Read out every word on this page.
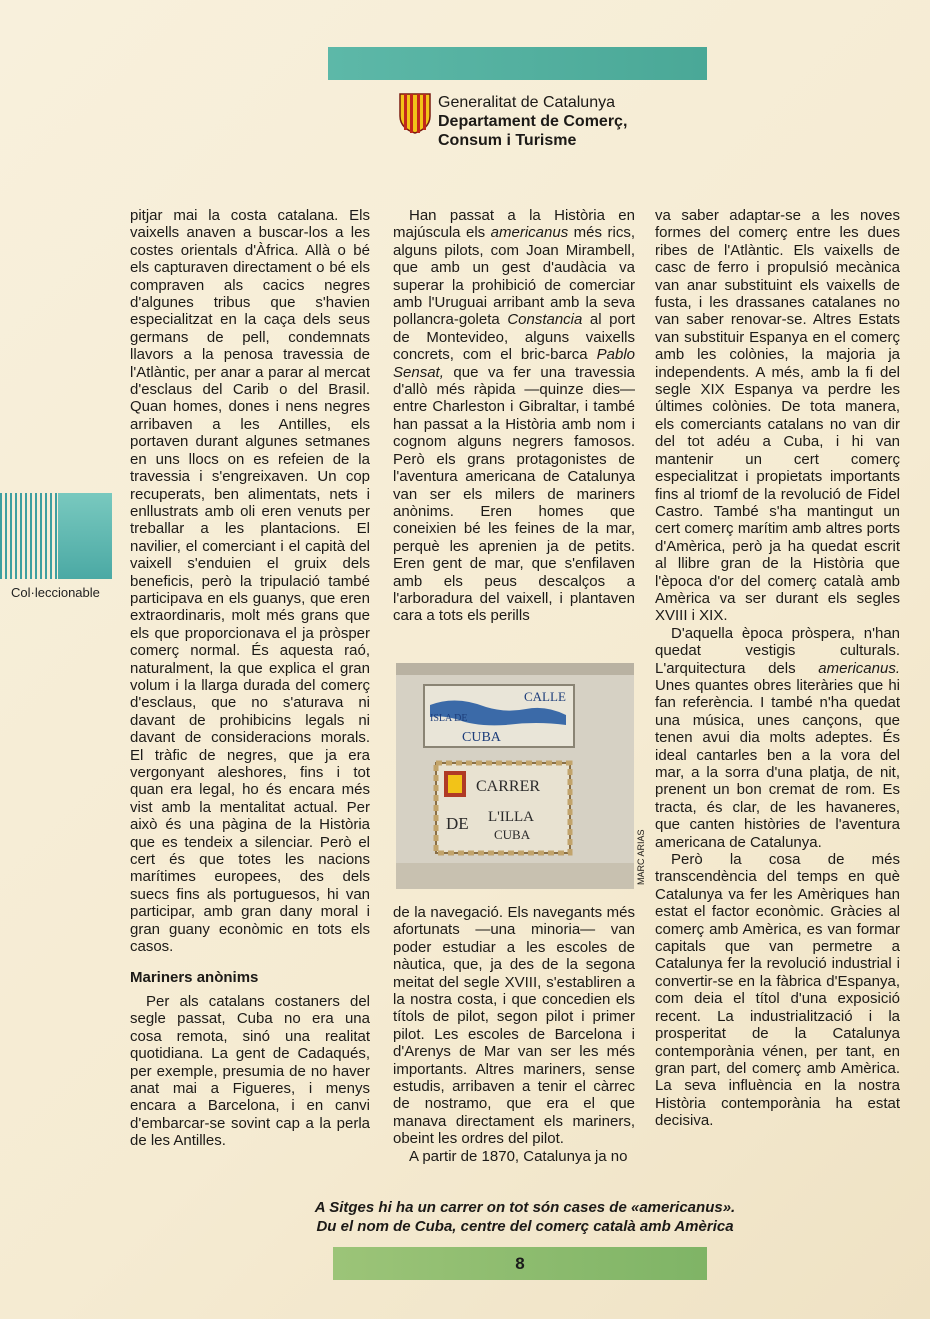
Generalitat de Catalunya
Departament de Comerç,
Consum i Turisme
Col·leccionable

pitjar mai la costa catalana. Els vaixells anaven a buscar-los a les costes orientals d'Àfrica. Allà o bé els capturaven directament o bé els compraven als cacics negres d'algunes tribus que s'havien especialitzat en la caça dels seus germans de pell, condemnats llavors a la penosa travessia de l'Atlàntic, per anar a parar al mercat d'esclaus del Carib o del Brasil. Quan homes, dones i nens negres arribaven a les Antilles, els portaven durant algunes setmanes en uns llocs on es refeien de la travessia i s'engreixaven. Un cop recuperats, ben alimentats, nets i enllustrats amb oli eren venuts per treballar a les plantacions. El navilier, el comerciant i el capità del vaixell s'enduien el gruix dels beneficis, però la tripulació també participava en els guanys, que eren extraordinaris, molt més grans que els que proporcionava el ja pròsper comerç normal. És aquesta raó, naturalment, la que explica el gran volum i la llarga durada del comerç d'esclaus, que no s'aturava ni davant de prohibicins legals ni davant de consideracions morals. El tràfic de negres, que ja era vergonyant aleshores, fins i tot quan era legal, ho és encara més vist amb la mentalitat actual. Per això és una pàgina de la Història que es tendeix a silenciar. Però el cert és que totes les nacions marítimes europees, des dels suecs fins als portuguesos, hi van participar, amb gran dany moral i gran guany econòmic en tots els casos.

Mariners anònims

Per als catalans costaners del segle passat, Cuba no era una cosa remota, sinó una realitat quotidiana. La gent de Cadaqués, per exemple, presumia de no haver anat mai a Figueres, i menys encara a Barcelona, i en canvi d'embarcar-se sovint cap a la perla de les Antilles.

Han passat a la Història en majúscula els americanus més rics, alguns pilots, com Joan Mirambell, que amb un gest d'audàcia va superar la prohibició de comerciar amb l'Uruguai arribant amb la seva pollancra-goleta Constancia al port de Montevideo, alguns vaixells concrets, com el bric-barca Pablo Sensat, que va fer una travessia d'allò més ràpida —quinze dies— entre Charleston i Gibraltar, i també han passat a la Història amb nom i cognom alguns negrers famosos. Però els grans protagonistes de l'aventura americana de Catalunya van ser els milers de mariners anònims. Eren homes que coneixien bé les feines de la mar, perquè les aprenien ja de petits. Eren gent de mar, que s'enfilaven amb els peus descalços a l'arboradura del vaixell, i plantaven cara a tots els perills

CALLE
ISLA DE
CUBA
CARRER
DE L'ILLA
CUBA	MARC ARIAS

de la navegació. Els navegants més afortunats —una minoria— van poder estudiar a les escoles de nàutica, que, ja des de la segona meitat del segle XVIII, s'establiren a la nostra costa, i que concedien els títols de pilot, segon pilot i primer pilot. Les escoles de Barcelona i d'Arenys de Mar van ser les més importants. Altres mariners, sense estudis, arribaven a tenir el càrrec de nostramo, que era el que manava directament els mariners, obeint les ordres del pilot.

A partir de 1870, Catalunya ja no

va saber adaptar-se a les noves formes del comerç entre les dues ribes de l'Atlàntic. Els vaixells de casc de ferro i propulsió mecànica van anar substituint els vaixells de fusta, i les drassanes catalanes no van saber renovar-se. Altres Estats van substituir Espanya en el comerç amb les colònies, la majoria ja independents. A més, amb la fi del segle XIX Espanya va perdre les últimes colònies. De tota manera, els comerciants catalans no van dir del tot adéu a Cuba, i hi van mantenir un cert comerç especialitzat i propietats importants fins al triomf de la revolució de Fidel Castro. També s'ha mantingut un cert comerç marítim amb altres ports d'Amèrica, però ja ha quedat escrit al llibre gran de la Història que l'època d'or del comerç català amb Amèrica va ser durant els segles XVIII i XIX.

D'aquella època pròspera, n'han quedat vestigis culturals. L'arquitectura dels americanus. Unes quantes obres literàries que hi fan referència. I també n'ha quedat una música, unes cançons, que tenen avui dia molts adeptes. És ideal cantarles ben a la vora del mar, a la sorra d'una platja, de nit, prenent un bon cremat de rom. Es tracta, és clar, de les havaneres, que canten històries de l'aventura americana de Catalunya.

Però la cosa de més transcendència del temps en què Catalunya va fer les Amèriques han estat el factor econòmic. Gràcies al comerç amb Amèrica, es van formar capitals que van permetre a Catalunya fer la revolució industrial i convertir-se en la fàbrica d'Espanya, com deia el títol d'una exposició recent. La industrialització i la prosperitat de la Catalunya contemporània vénen, per tant, en gran part, del comerç amb Amèrica. La seva influència en la nostra Història contemporània ha estat decisiva.

A Sitges hi ha un carrer on tot són cases de «americanus».
Du el nom de Cuba, centre del comerç català amb Amèrica
8
